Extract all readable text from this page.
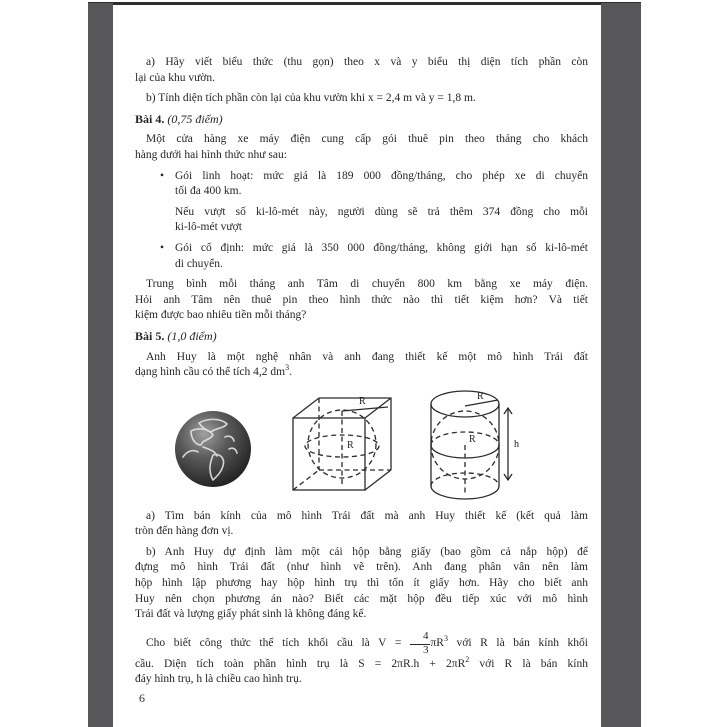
a) Hãy viết biểu thức (thu gọn) theo x và y biểu thị diện tích phần còn
lại của khu vườn.
b) Tính diện tích phần còn lại của khu vườn khi x = 2,4 m và y = 1,8 m.
Bài 4. (0,75 điểm)
Một cửa hàng xe máy điện cung cấp gói thuê pin theo tháng cho khách
hàng dưới hai hình thức như sau:
• Gói linh hoạt: mức giá là 189 000 đồng/tháng, cho phép xe di chuyển
tối đa 400 km.
Nếu vượt số ki-lô-mét này, người dùng sẽ trả thêm 374 đồng cho mỗi
ki-lô-mét vượt
• Gói cố định: mức giá là 350 000 đồng/tháng, không giới hạn số ki-lô-mét
di chuyển.
Trung bình mỗi tháng anh Tâm di chuyển 800 km bằng xe máy điện.
Hỏi anh Tâm nên thuê pin theo hình thức nào thì tiết kiệm hơn? Và tiết
kiệm được bao nhiêu tiền mỗi tháng?
Bài 5. (1,0 điểm)
Anh Huy là một nghệ nhân và anh đang thiết kế một mô hình Trái đất
dạng hình cầu có thể tích 4,2 $dm^3$.
R
R
R
R	h
a) Tìm bán kính của mô hình Trái đất mà anh Huy thiết kế (kết quả làm
tròn đến hàng đơn vị.
b) Anh Huy dự định làm một cái hộp bằng giấy (bao gồm cả nắp hộp) để
đựng mô hình Trái đất (như hình vẽ trên). Anh đang phân vân nên làm
hộp hình lập phương hay hộp hình trụ thì tốn ít giấy hơn. Hãy cho biết anh
Huy nên chọn phương án nào? Biết các mặt hộp đều tiếp xúc với mô hình
Trái đất và lượng giấy phát sinh là không đáng kể.
Cho biết công thức thể tích khối cầu là $V = \frac{4}{3} \pi R^3$ với R là bán kính khối
cầu. Diện tích toàn phần hình trụ là $S = 2\pi R.h + 2\pi R^2$ với R là bán kính
đáy hình trụ, h là chiều cao hình trụ.
6
